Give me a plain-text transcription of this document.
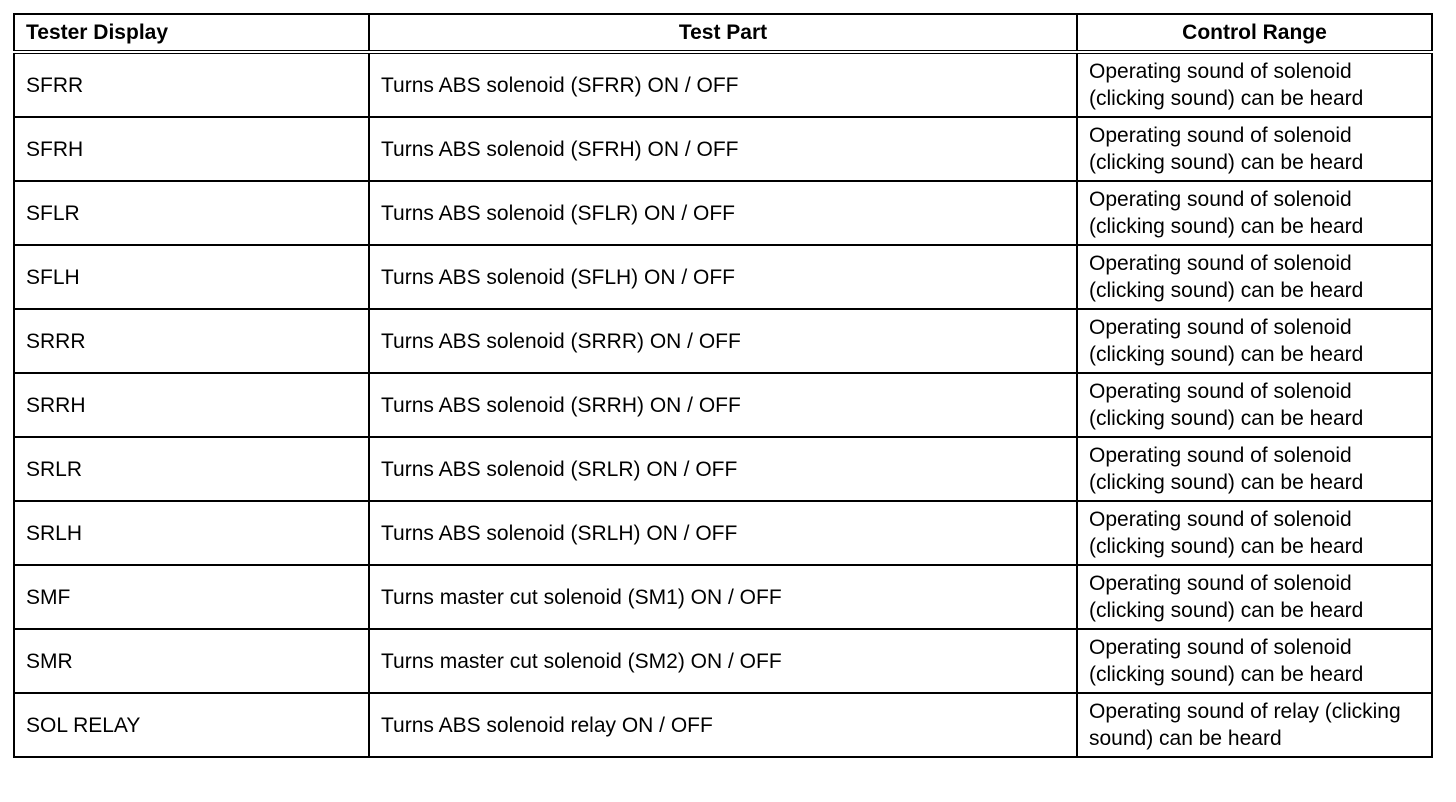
Tester Display	Test Part	Control Range
SFRR	Turns ABS solenoid (SFRR) ON / OFF	Operating sound of solenoid (clicking sound) can be heard
SFRH	Turns ABS solenoid (SFRH) ON / OFF	Operating sound of solenoid (clicking sound) can be heard
SFLR	Turns ABS solenoid (SFLR) ON / OFF	Operating sound of solenoid (clicking sound) can be heard
SFLH	Turns ABS solenoid (SFLH) ON / OFF	Operating sound of solenoid (clicking sound) can be heard
SRRR	Turns ABS solenoid (SRRR) ON / OFF	Operating sound of solenoid (clicking sound) can be heard
SRRH	Turns ABS solenoid (SRRH) ON / OFF	Operating sound of solenoid (clicking sound) can be heard
SRLR	Turns ABS solenoid (SRLR) ON / OFF	Operating sound of solenoid (clicking sound) can be heard
SRLH	Turns ABS solenoid (SRLH) ON / OFF	Operating sound of solenoid (clicking sound) can be heard
SMF	Turns master cut solenoid (SM1) ON / OFF	Operating sound of solenoid (clicking sound) can be heard
SMR	Turns master cut solenoid (SM2) ON / OFF	Operating sound of solenoid (clicking sound) can be heard
SOL RELAY	Turns ABS solenoid relay ON / OFF	Operating sound of relay (clicking sound) can be heard
